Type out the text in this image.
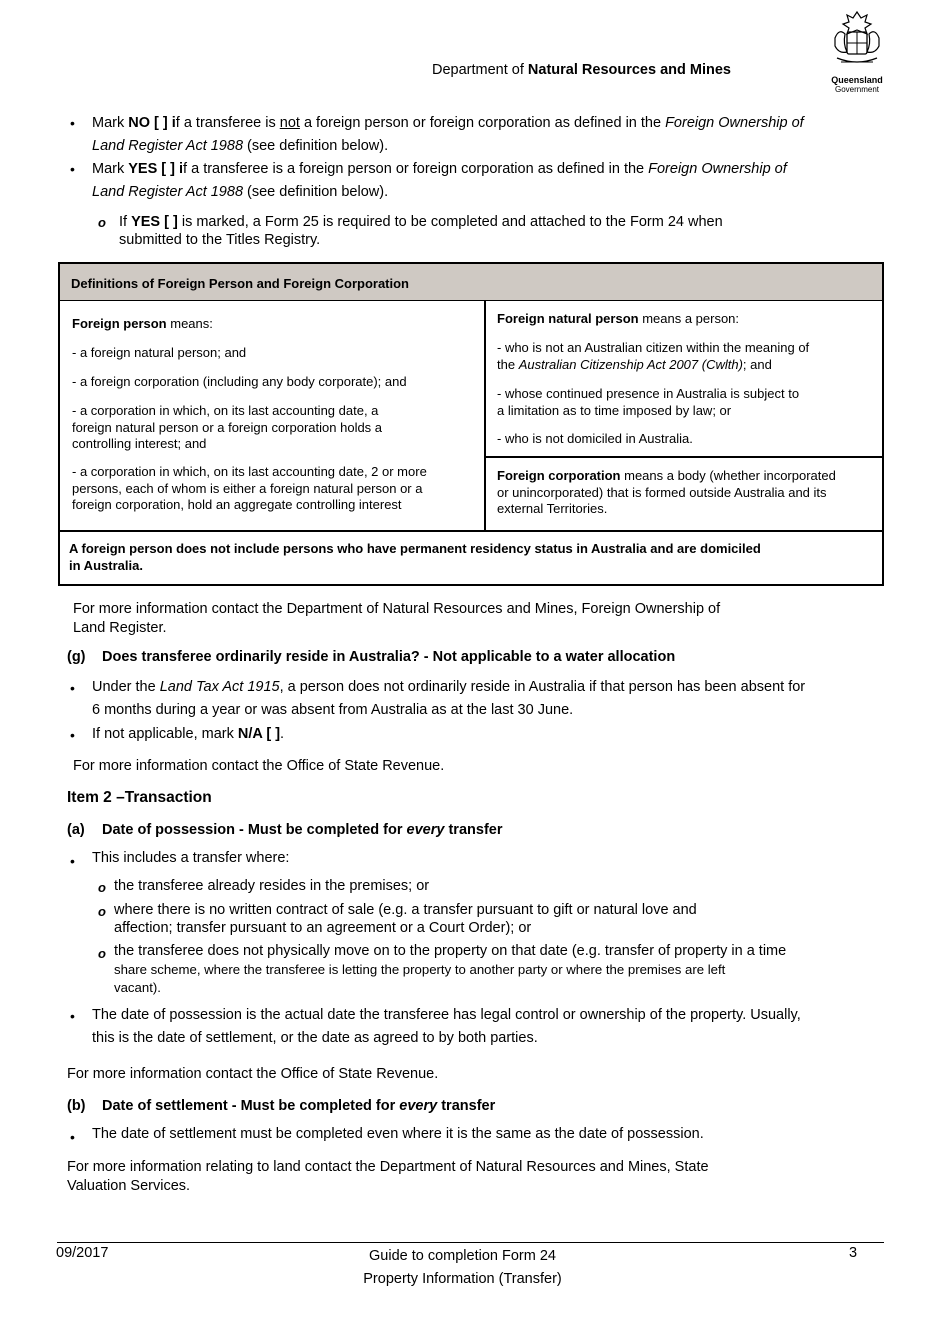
Department of Natural Resources and Mines
Queensland
Government
• Mark NO [ ] if a transferee is not a foreign person or foreign corporation as defined in the Foreign Ownership of
Land Register Act 1988 (see definition below).
• Mark YES [ ] if a transferee is a foreign person or foreign corporation as defined in the Foreign Ownership of
Land Register Act 1988 (see definition below).
o If YES [ ] is marked, a Form 25 is required to be completed and attached to the Form 24 when
submitted to the Titles Registry.
Definitions of Foreign Person and Foreign Corporation
Foreign person means:
- a foreign natural person; and
- a foreign corporation (including any body corporate); and
- a corporation in which, on its last accounting date, a
foreign natural person or a foreign corporation holds a
controlling interest; and
- a corporation in which, on its last accounting date, 2 or more
persons, each of whom is either a foreign natural person or a
foreign corporation, hold an aggregate controlling interest
Foreign natural person means a person:
- who is not an Australian citizen within the meaning of
the Australian Citizenship Act 2007 (Cwlth); and
- whose continued presence in Australia is subject to
a limitation as to time imposed by law; or
- who is not domiciled in Australia.
Foreign corporation means a body (whether incorporated
or unincorporated) that is formed outside Australia and its
external Territories.
A foreign person does not include persons who have permanent residency status in Australia and are domiciled
in Australia.
For more information contact the Department of Natural Resources and Mines, Foreign Ownership of
Land Register.
(g) Does transferee ordinarily reside in Australia? - Not applicable to a water allocation
• Under the Land Tax Act 1915, a person does not ordinarily reside in Australia if that person has been absent for
6 months during a year or was absent from Australia as at the last 30 June.
• If not applicable, mark N/A [ ].
For more information contact the Office of State Revenue.
Item 2 –Transaction
(a) Date of possession - Must be completed for every transfer
• This includes a transfer where:
o the transferee already resides in the premises; or
o where there is no written contract of sale (e.g. a transfer pursuant to gift or natural love and
affection; transfer pursuant to an agreement or a Court Order); or
o the transferee does not physically move on to the property on that date (e.g. transfer of property in a time
share scheme, where the transferee is letting the property to another party or where the premises are left
vacant).
• The date of possession is the actual date the transferee has legal control or ownership of the property. Usually,
this is the date of settlement, or the date as agreed to by both parties.
For more information contact the Office of State Revenue.
(b) Date of settlement - Must be completed for every transfer
• The date of settlement must be completed even where it is the same as the date of possession.
For more information relating to land contact the Department of Natural Resources and Mines, State
Valuation Services.
09/2017	Guide to completion Form 24
Property Information (Transfer)
3
